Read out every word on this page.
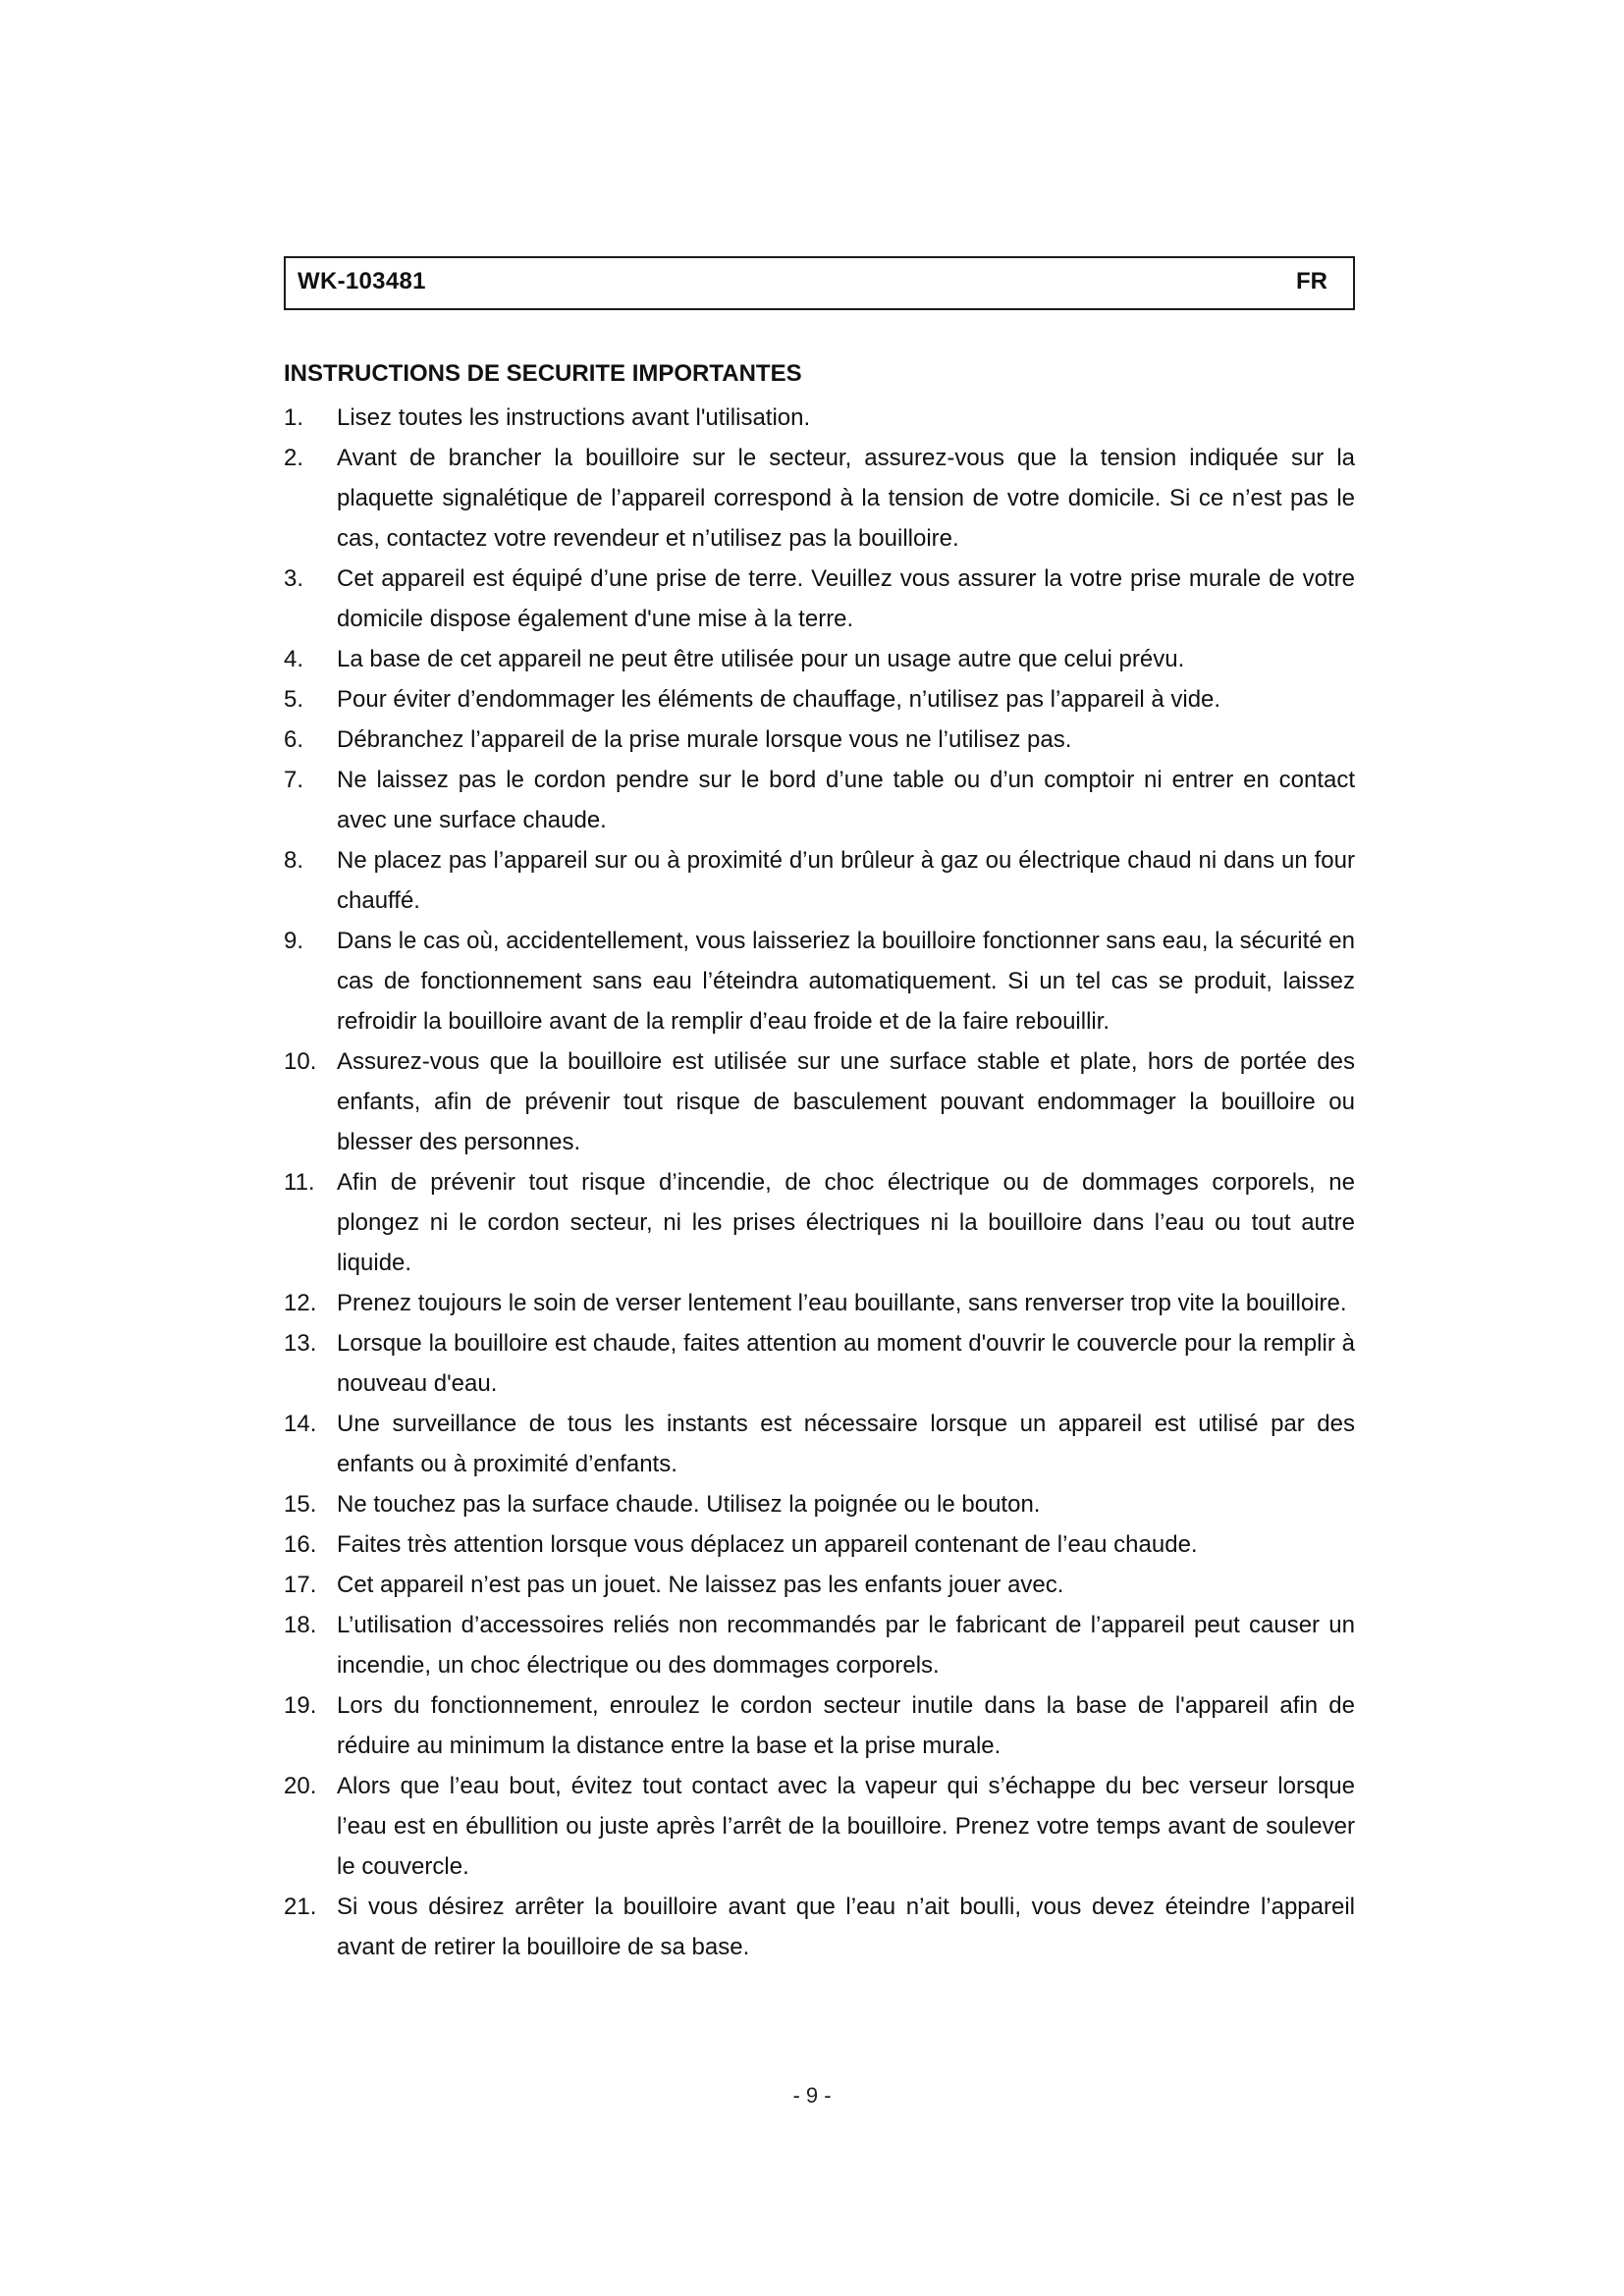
WK-103481	FR
INSTRUCTIONS DE SECURITE IMPORTANTES
1.	Lisez toutes les instructions avant l'utilisation.
2.	Avant de brancher la bouilloire sur le secteur, assurez-vous que la tension indiquée sur la plaquette signalétique de l’appareil correspond à la tension de votre domicile. Si ce n’est pas le cas, contactez votre revendeur et n’utilisez pas la bouilloire.
3.	Cet appareil est équipé d’une prise de terre. Veuillez vous assurer la votre prise murale de votre domicile dispose également d'une mise à la terre.
4.	La base de cet appareil ne peut être utilisée pour un usage autre que celui prévu.
5.	Pour éviter d’endommager les éléments de chauffage, n’utilisez pas l’appareil à vide.
6.	Débranchez l’appareil de la prise murale lorsque vous ne l’utilisez pas.
7.	Ne laissez pas le cordon pendre sur le bord d’une table ou d’un comptoir ni entrer en contact avec une surface chaude.
8.	Ne placez pas l’appareil sur ou à proximité d’un brûleur à gaz ou électrique chaud ni dans un four chauffé.
9.	Dans le cas où, accidentellement, vous laisseriez la bouilloire fonctionner sans eau, la sécurité en cas de fonctionnement sans eau l’éteindra automatiquement. Si un tel cas se produit, laissez refroidir la bouilloire avant de la remplir d’eau froide et de la faire rebouillir.
10. Assurez-vous que la bouilloire est utilisée sur une surface stable et plate, hors de portée des enfants, afin de prévenir tout risque de basculement pouvant endommager la bouilloire ou blesser des personnes.
11. Afin de prévenir tout risque d’incendie, de choc électrique ou de dommages corporels, ne plongez ni le cordon secteur, ni les prises électriques ni la bouilloire dans l’eau ou tout autre liquide.
12. Prenez toujours le soin de verser lentement l’eau bouillante, sans renverser trop vite la bouilloire.
13. Lorsque la bouilloire est chaude, faites attention au moment d'ouvrir le couvercle pour la remplir à nouveau d'eau.
14. Une surveillance de tous les instants est nécessaire lorsque un appareil est utilisé par des enfants ou à proximité d’enfants.
15. Ne touchez pas la surface chaude. Utilisez la poignée ou le bouton.
16. Faites très attention lorsque vous déplacez un appareil contenant de l’eau chaude.
17. Cet appareil n’est pas un jouet. Ne laissez pas les enfants jouer avec.
18. L’utilisation d’accessoires reliés non recommandés par le fabricant de l’appareil peut causer un incendie, un choc électrique ou des dommages corporels.
19. Lors du fonctionnement, enroulez le cordon secteur inutile dans la base de l'appareil afin de réduire au minimum la distance entre la base et la prise murale.
20. Alors que l’eau bout, évitez tout contact avec la vapeur qui s’échappe du bec verseur lorsque l’eau est en ébullition ou juste après l’arrêt de la bouilloire. Prenez votre temps avant de soulever le couvercle.
21. Si vous désirez arrêter la bouilloire avant que l’eau n’ait boulli, vous devez éteindre l’appareil avant de retirer la bouilloire de sa base.
- 9 -
